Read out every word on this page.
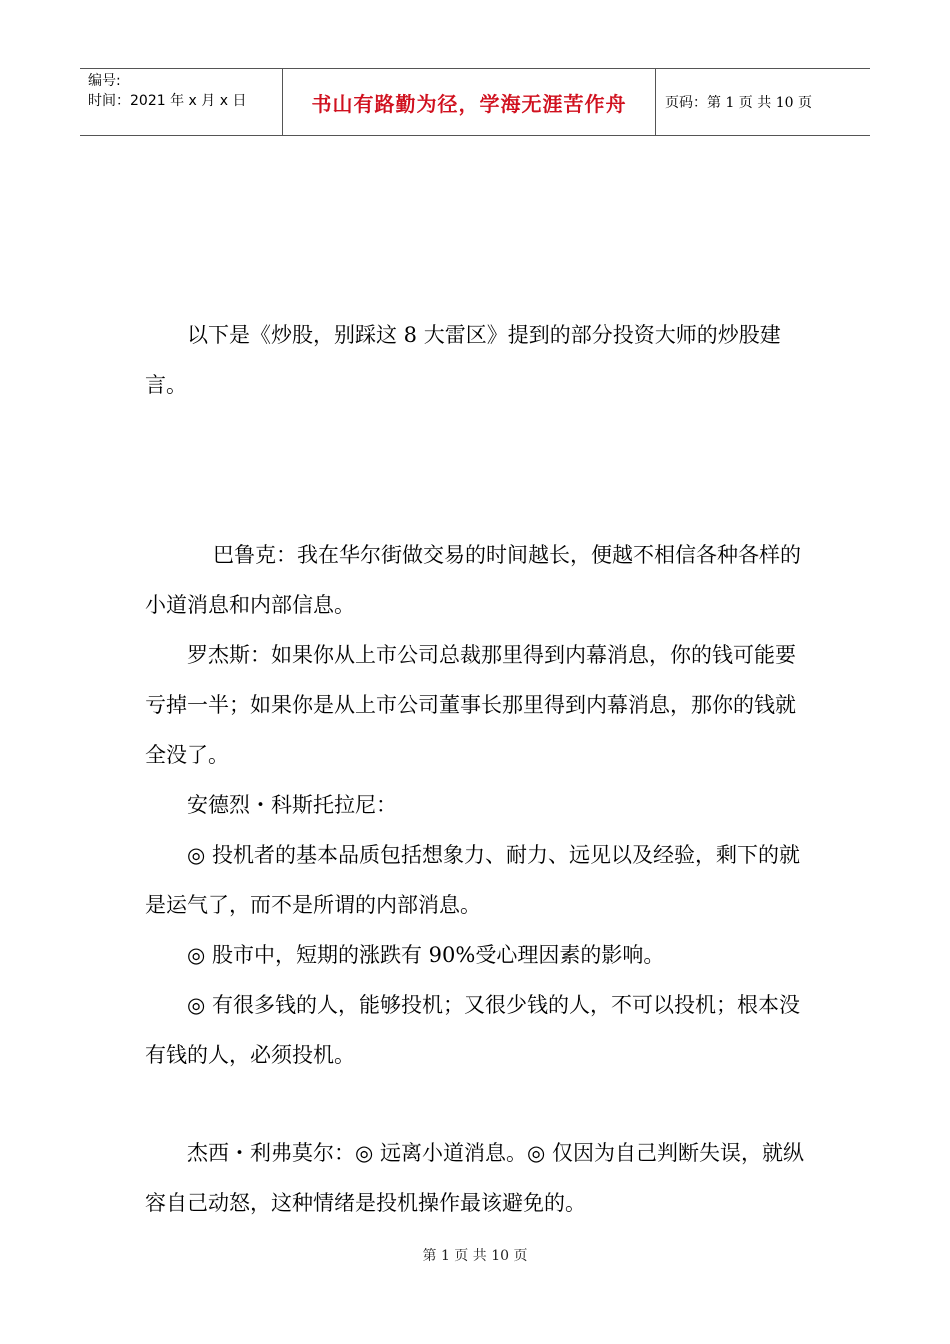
编号:
时间：2021 年 x 月 x 日	书山有路勤为径，学海无涯苦作舟	页码：第 1 页 共 10 页

以下是《炒股，别踩这 8 大雷区》提到的部分投资大师的炒股建言。

巴鲁克：我在华尔街做交易的时间越长，便越不相信各种各样的小道消息和内部信息。

罗杰斯：如果你从上市公司总裁那里得到内幕消息，你的钱可能要亏掉一半；如果你是从上市公司董事长那里得到内幕消息，那你的钱就全没了。

安德烈・科斯托拉尼：

◎ 投机者的基本品质包括想象力、耐力、远见以及经验，剩下的就是运气了，而不是所谓的内部消息。

◎ 股市中，短期的涨跌有 90%受心理因素的影响。

◎ 有很多钱的人，能够投机；又很少钱的人，不可以投机；根本没有钱的人，必须投机。

杰西・利弗莫尔：◎ 远离小道消息。◎ 仅因为自己判断失误，就纵容自己动怒，这种情绪是投机操作最该避免的。

第 1 页 共 10 页
